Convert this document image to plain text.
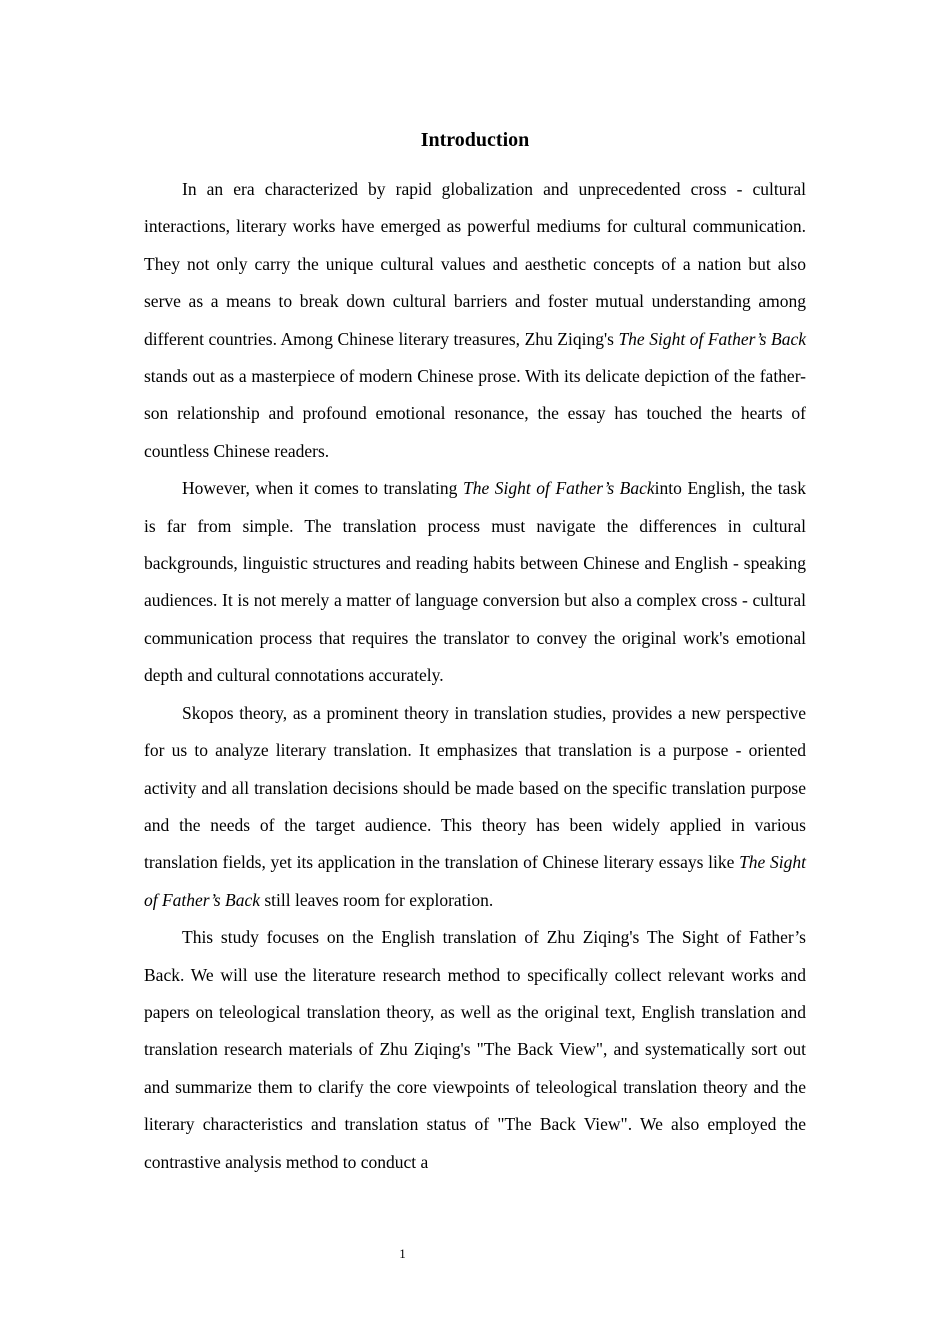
Introduction

In an era characterized by rapid globalization and unprecedented cross - cultural interactions, literary works have emerged as powerful mediums for cultural communication. They not only carry the unique cultural values and aesthetic concepts of a nation but also serve as a means to break down cultural barriers and foster mutual understanding among different countries. Among Chinese literary treasures, Zhu Ziqing's The Sight of Father’s Back stands out as a masterpiece of modern Chinese prose. With its delicate depiction of the father-son relationship and profound emotional resonance, the essay has touched the hearts of countless Chinese readers.

However, when it comes to translating The Sight of Father’s Backinto English, the task is far from simple. The translation process must navigate the differences in cultural backgrounds, linguistic structures and reading habits between Chinese and English - speaking audiences. It is not merely a matter of language conversion but also a complex cross - cultural communication process that requires the translator to convey the original work's emotional depth and cultural connotations accurately.

Skopos theory, as a prominent theory in translation studies, provides a new perspective for us to analyze literary translation. It emphasizes that translation is a purpose - oriented activity and all translation decisions should be made based on the specific translation purpose and the needs of the target audience. This theory has been widely applied in various translation fields, yet its application in the translation of Chinese literary essays like The Sight of Father’s Back still leaves room for exploration.

This study focuses on the English translation of Zhu Ziqing's The Sight of Father’s Back. We will use the literature research method to specifically collect relevant works and papers on teleological translation theory, as well as the original text, English translation and translation research materials of Zhu Ziqing's "The Back View", and systematically sort out and summarize them to clarify the core viewpoints of teleological translation theory and the literary characteristics and translation status of "The Back View". We also employed the contrastive analysis method to conduct a

1
